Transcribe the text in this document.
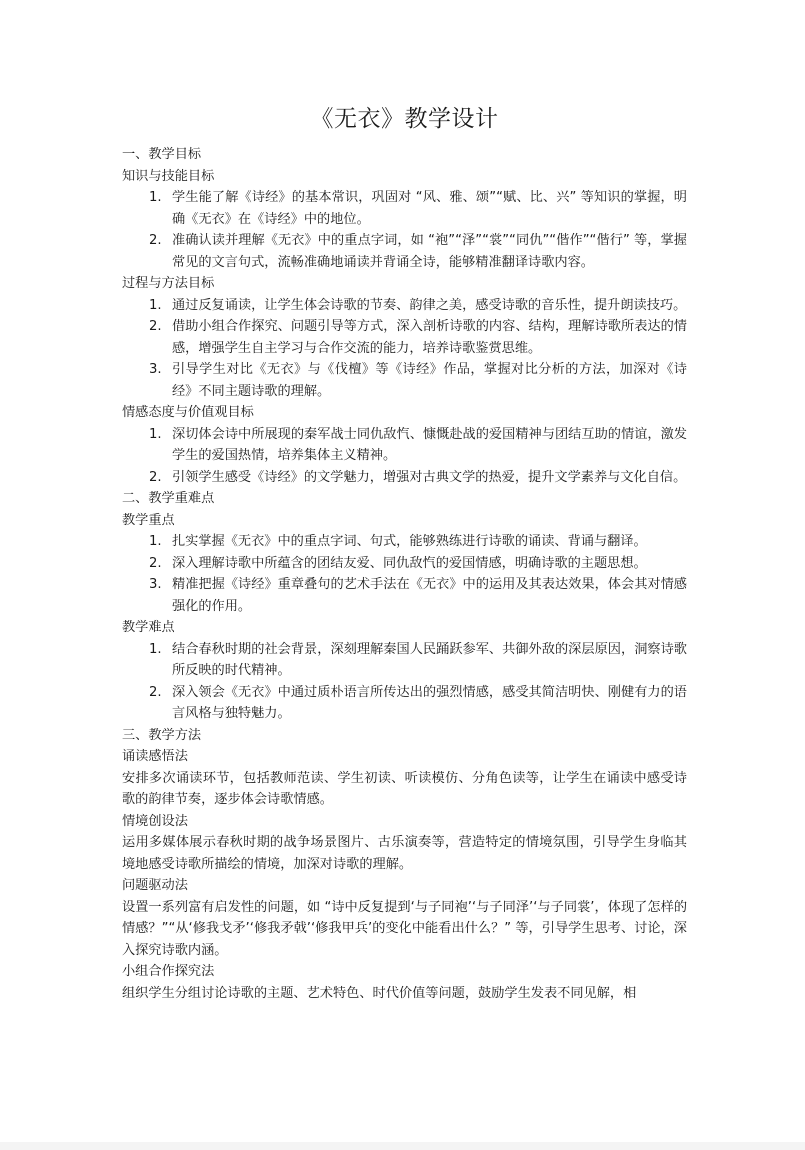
《无衣》教学设计
一、教学目标
知识与技能目标
1. 学生能了解《诗经》的基本常识，巩固对 “风、雅、颂”“赋、比、兴” 等知识的掌握，明确《无衣》在《诗经》中的地位。
2. 准确认读并理解《无衣》中的重点字词，如 “袍”“泽”“裳”“同仇”“偕作”“偕行” 等，掌握常见的文言句式，流畅准确地诵读并背诵全诗，能够精准翻译诗歌内容。
过程与方法目标
1. 通过反复诵读，让学生体会诗歌的节奏、韵律之美，感受诗歌的音乐性，提升朗读技巧。
2. 借助小组合作探究、问题引导等方式，深入剖析诗歌的内容、结构，理解诗歌所表达的情感，增强学生自主学习与合作交流的能力，培养诗歌鉴赏思维。
3. 引导学生对比《无衣》与《伐檀》等《诗经》作品，掌握对比分析的方法，加深对《诗经》不同主题诗歌的理解。
情感态度与价值观目标
1. 深切体会诗中所展现的秦军战士同仇敌忾、慷慨赴战的爱国精神与团结互助的情谊，激发学生的爱国热情，培养集体主义精神。
2. 引领学生感受《诗经》的文学魅力，增强对古典文学的热爱，提升文学素养与文化自信。
二、教学重难点
教学重点
1. 扎实掌握《无衣》中的重点字词、句式，能够熟练进行诗歌的诵读、背诵与翻译。
2. 深入理解诗歌中所蕴含的团结友爱、同仇敌忾的爱国情感，明确诗歌的主题思想。
3. 精准把握《诗经》重章叠句的艺术手法在《无衣》中的运用及其表达效果，体会其对情感强化的作用。
教学难点
1. 结合春秋时期的社会背景，深刻理解秦国人民踊跃参军、共御外敌的深层原因，洞察诗歌所反映的时代精神。
2. 深入领会《无衣》中通过质朴语言所传达出的强烈情感，感受其简洁明快、刚健有力的语言风格与独特魅力。
三、教学方法
诵读感悟法
安排多次诵读环节，包括教师范读、学生初读、听读模仿、分角色读等，让学生在诵读中感受诗歌的韵律节奏，逐步体会诗歌情感。
情境创设法
运用多媒体展示春秋时期的战争场景图片、古乐演奏等，营造特定的情境氛围，引导学生身临其境地感受诗歌所描绘的情境，加深对诗歌的理解。
问题驱动法
设置一系列富有启发性的问题，如 “诗中反复提到‘与子同袍’‘与子同泽’‘与子同裳’，体现了怎样的情感？”“从‘修我戈矛’‘修我矛戟’‘修我甲兵’的变化中能看出什么？” 等，引导学生思考、讨论，深入探究诗歌内涵。
小组合作探究法
组织学生分组讨论诗歌的主题、艺术特色、时代价值等问题，鼓励学生发表不同见解，相
